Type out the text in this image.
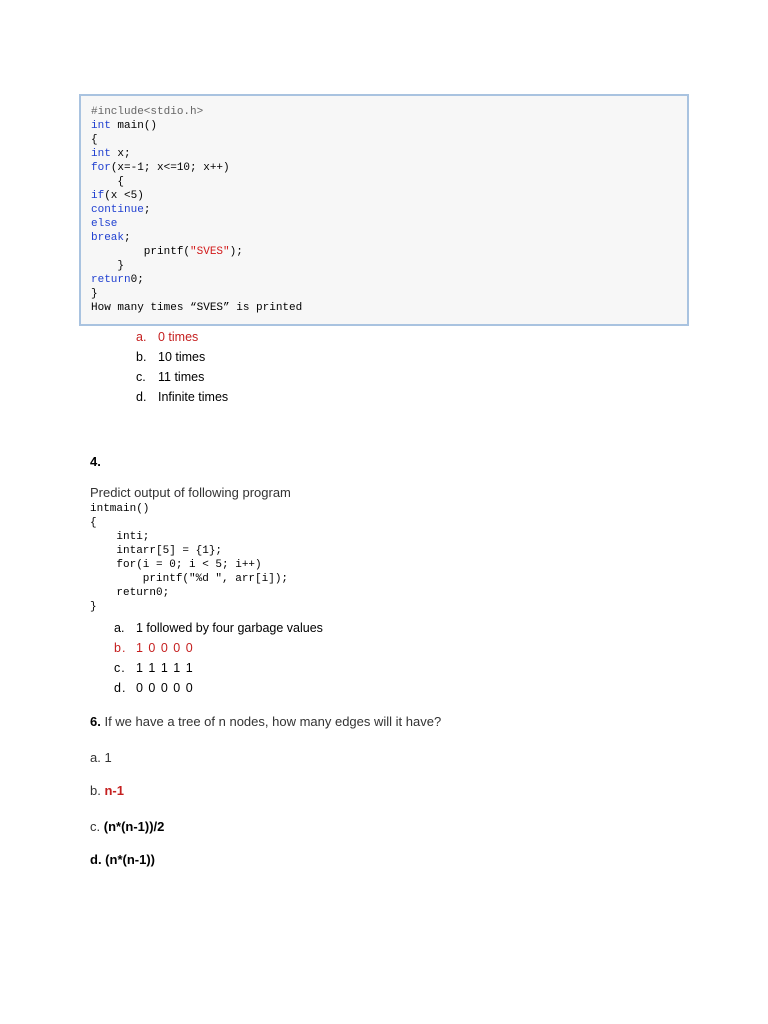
#include<stdio.h>
int main()
{
int x;
for(x=-1; x<=10; x++)
{
if(x <5)
continue;
else
break;
printf("SVES");
}
return0;
}
How many times “SVES” is printed
a. 0 times
b. 10 times
c. 11 times
d. Infinite times
4.
Predict output of following program
intmain()
{
inti;
intarr[5] = {1};
for(i = 0; i < 5; i++)
printf("%d ", arr[i]);
return0;
}
a. 1 followed by four garbage values
b. 1 0 0 0 0
c. 1 1 1 1 1
d. 0 0 0 0 0
6. If we have a tree of n nodes, how many edges will it have?
a. 1
b. n-1
c. (n*(n-1))/2
d. (n*(n-1))
